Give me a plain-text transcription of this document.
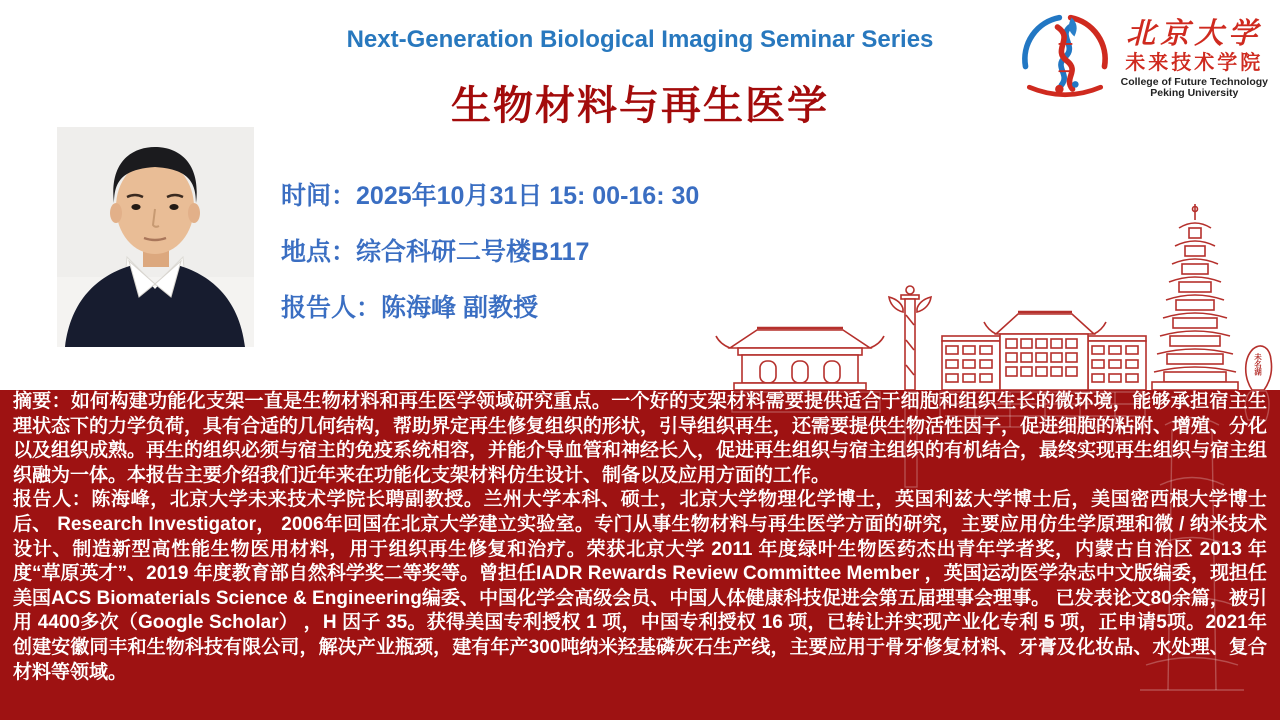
Next-Generation Biological Imaging Seminar Series
生物材料与再生医学
北京大学
未来技术学院
College of Future Technology
Peking University
时间：2025年10月31日 15: 00-16: 30
地点：综合科研二号楼B117
报告人：陈海峰 副教授
未名湖

摘要：如何构建功能化支架一直是生物材料和再生医学领域研究重点。一个好的支架材料需要提供适合于细胞和组织生长的微环境，能够承担宿主生理状态下的力学负荷，具有合适的几何结构，帮助界定再生修复组织的形状，引导组织再生，还需要提供生物活性因子，促进细胞的粘附、增殖、分化以及组织成熟。再生的组织必须与宿主的免疫系统相容，并能介导血管和神经长入，促进再生组织与宿主组织的有机结合，最终实现再生组织与宿主组织融为一体。本报告主要介绍我们近年来在功能化支架材料仿生设计、制备以及应用方面的工作。

报告人：陈海峰，北京大学未来技术学院长聘副教授。兰州大学本科、硕士，北京大学物理化学博士，英国利兹大学博士后，美国密西根大学博士后、 Research Investigator， 2006年回国在北京大学建立实验室。专门从事生物材料与再生医学方面的研究，主要应用仿生学原理和微 / 纳米技术设计、制造新型高性能生物医用材料，用于组织再生修复和治疗。荣获北京大学 2011 年度绿叶生物医药杰出青年学者奖，内蒙古自治区 2013 年度“草原英才”、2019 年度教育部自然科学奖二等奖等。曾担任IADR Rewards Review Committee Member ，英国运动医学杂志中文版编委，现担任美国ACS Biomaterials Science & Engineering编委、中国化学会高级会员、中国人体健康科技促进会第五届理事会理事。 已发表论文80余篇，被引用 4400多次（Google Scholar） ，H 因子 35。获得美国专利授权 1 项，中国专利授权 16 项，已转让并实现产业化专利 5 项，正申请5项。2021年创建安徽同丰和生物科技有限公司，解决产业瓶颈，建有年产300吨纳米羟基磷灰石生产线，主要应用于骨牙修复材料、牙膏及化妆品、水处理、复合材料等领域。
